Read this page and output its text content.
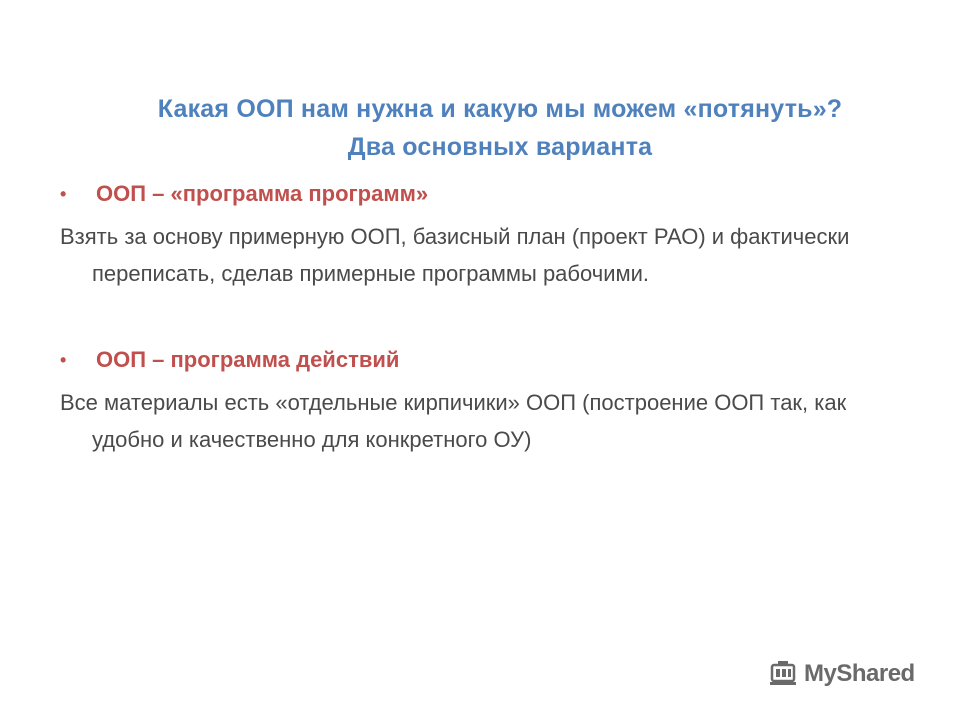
Какая ООП нам нужна и какую мы можем «потянуть»?
Два основных варианта
•	ООП – «программа программ»
Взять за основу примерную ООП, базисный план (проект РАО) и фактически переписать, сделав примерные программы рабочими.
•	ООП – программа действий
Все материалы есть «отдельные кирпичики» ООП (построение ООП так, как удобно и качественно для конкретного ОУ)
MyShared
